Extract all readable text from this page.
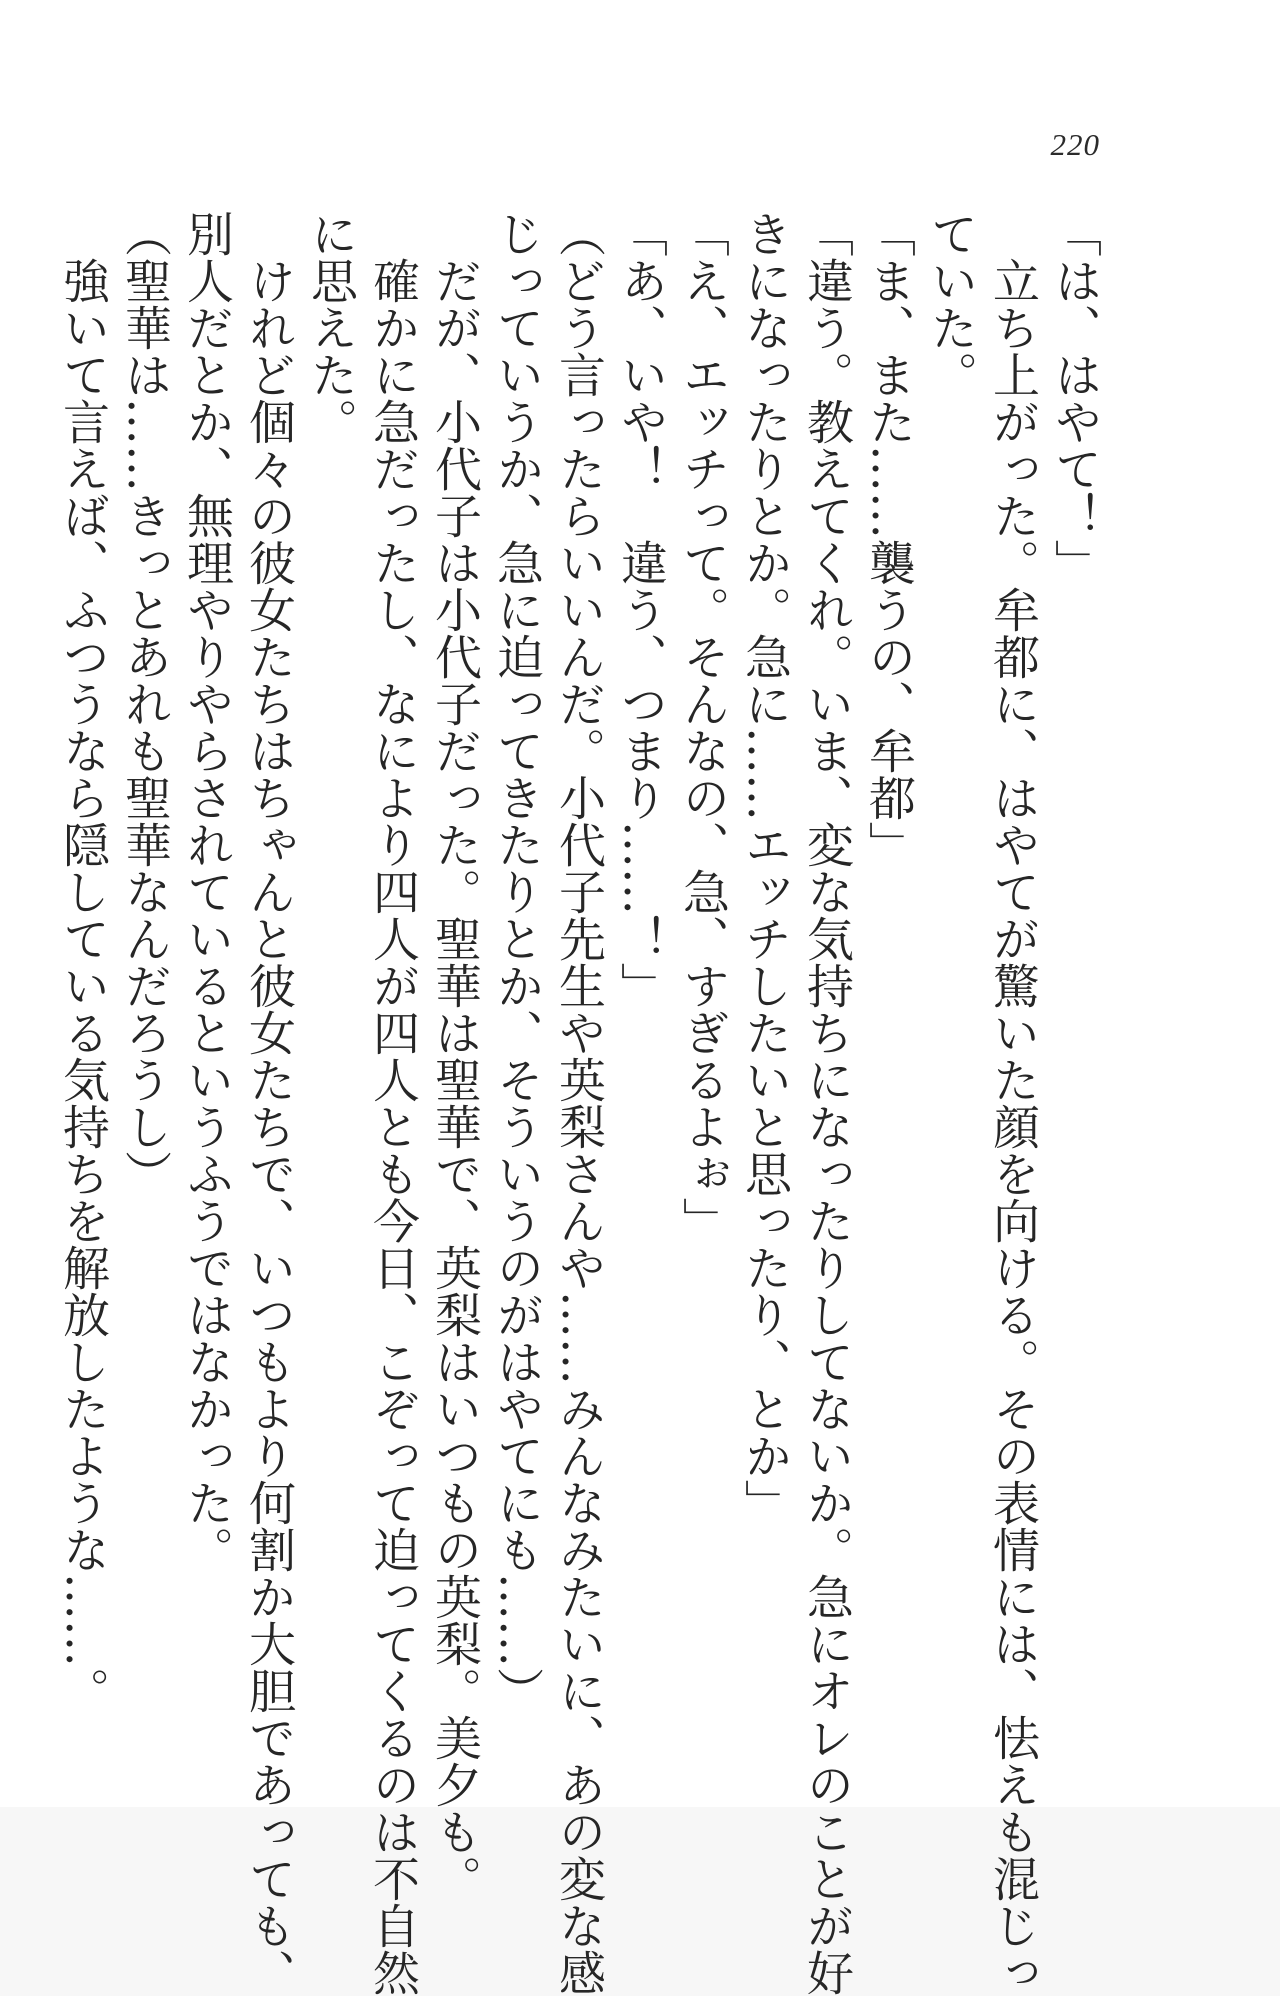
220
「は、はやて！」
　立ち上がった。牟都に、はやてが驚いた顔を向ける。その表情には、怯えも混じっ
ていた。
「ま、また……襲うの、牟都」
「違う。教えてくれ。いま、変な気持ちになったりしてないか。急にオレのことが好
きになったりとか。急に……エッチしたいと思ったり、とか」
「え、エッチって。そんなの、急、すぎるよぉ」
「あ、いや！　違う、つまり……！」
（どう言ったらいいんだ。小代子先生や英梨さんや……みんなみたいに、あの変な感
じっていうか、急に迫ってきたりとか、そういうのがはやてにも……）
　だが、小代子は小代子だった。聖華は聖華で、英梨はいつもの英梨。美夕も。
　確かに急だったし、なにより四人が四人とも今日、こぞって迫ってくるのは不自然
に思えた。
　けれど個々の彼女たちはちゃんと彼女たちで、いつもより何割か大胆であっても、
別人だとか、無理やりやらされているというふうではなかった。
（聖華は……きっとあれも聖華なんだろうし）
　強いて言えば、ふつうなら隠している気持ちを解放したような……。
